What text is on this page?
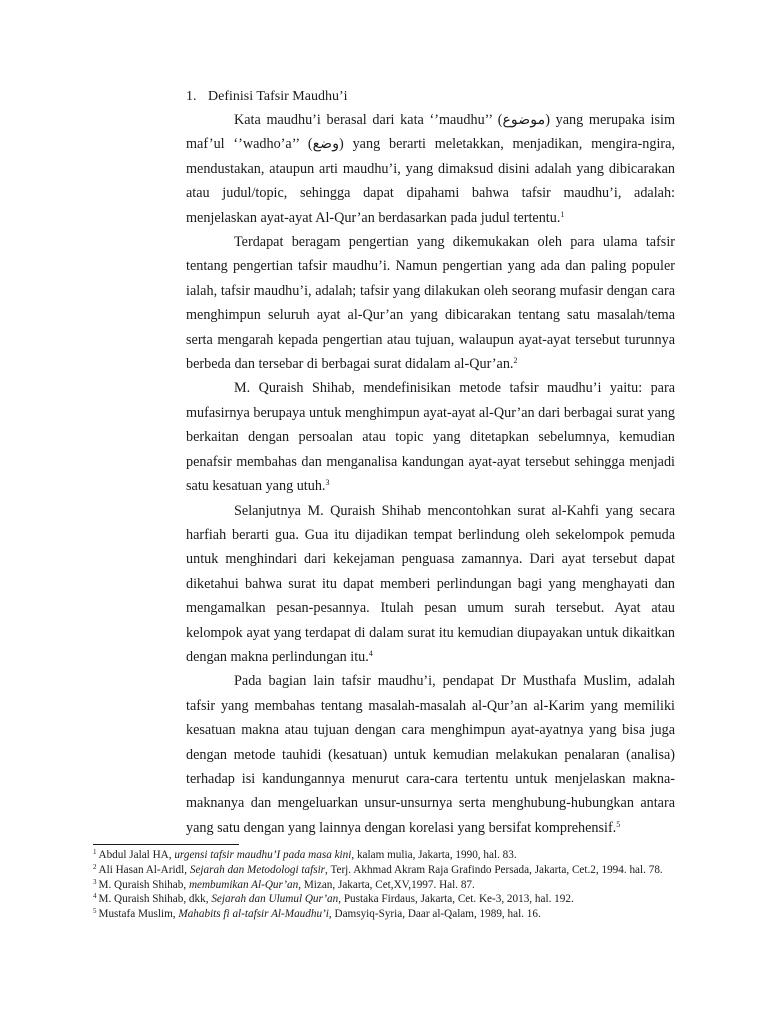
1. Definisi Tafsir Maudhu’i

Kata maudhu’i berasal dari kata ‘’maudhu’’ (موضوع) yang merupaka isim maf’ul ‘’wadho’a’’ (وضع) yang berarti meletakkan, menjadikan, mengira-ngira, mendustakan, ataupun arti maudhu’i, yang dimaksud disini adalah yang dibicarakan atau judul/topic, sehingga dapat dipahami bahwa tafsir maudhu’i, adalah: menjelaskan ayat-ayat Al-Qur’an berdasarkan pada judul tertentu.$^1$

Terdapat beragam pengertian yang dikemukakan oleh para ulama tafsir tentang pengertian tafsir maudhu’i. Namun pengertian yang ada dan paling populer ialah, tafsir maudhu’i, adalah; tafsir yang dilakukan oleh seorang mufasir dengan cara menghimpun seluruh ayat al-Qur’an yang dibicarakan tentang satu masalah/tema serta mengarah kepada pengertian atau tujuan, walaupun ayat-ayat tersebut turunnya berbeda dan tersebar di berbagai surat didalam al-Qur’an.$^2$

M. Quraish Shihab, mendefinisikan metode tafsir maudhu’i yaitu: para mufasirnya berupaya untuk menghimpun ayat-ayat al-Qur’an dari berbagai surat yang berkaitan dengan persoalan atau topic yang ditetapkan sebelumnya, kemudian penafsir membahas dan menganalisa kandungan ayat-ayat tersebut sehingga menjadi satu kesatuan yang utuh.$^3$

Selanjutnya M. Quraish Shihab mencontohkan surat al-Kahfi yang secara harfiah berarti gua. Gua itu dijadikan tempat berlindung oleh sekelompok pemuda untuk menghindari dari kekejaman penguasa zamannya. Dari ayat tersebut dapat diketahui bahwa surat itu dapat memberi perlindungan bagi yang menghayati dan mengamalkan pesan-pesannya. Itulah pesan umum surah tersebut. Ayat atau kelompok ayat yang terdapat di dalam surat itu kemudian diupayakan untuk dikaitkan dengan makna perlindungan itu.$^4$

Pada bagian lain tafsir maudhu’i, pendapat Dr Musthafa Muslim, adalah tafsir yang membahas tentang masalah-masalah al-Qur’an al-Karim yang memiliki kesatuan makna atau tujuan dengan cara menghimpun ayat-ayatnya yang bisa juga dengan metode tauhidi (kesatuan) untuk kemudian melakukan penalaran (analisa) terhadap isi kandungannya menurut cara-cara tertentu untuk menjelaskan makna-maknanya dan mengeluarkan unsur-unsurnya serta menghubung-hubungkan antara yang satu dengan yang lainnya dengan korelasi yang bersifat komprehensif.$^5$

$^1$ Abdul Jalal HA, urgensi tafsir maudhu’I pada masa kini, kalam mulia, Jakarta, 1990, hal. 83.

$^2$ Ali Hasan Al-Aridl, Sejarah dan Metodologi tafsir, Terj. Akhmad Akram Raja Grafindo Persada, Jakarta, Cet.2, 1994. hal. 78.

$^3$ M. Quraish Shihab, membumikan Al-Qur’an, Mizan, Jakarta, Cet,XV,1997. Hal. 87.

$^4$ M. Quraish Shihab, dkk, Sejarah dan Ulumul Qur’an, Pustaka Firdaus, Jakarta, Cet. Ke-3, 2013, hal. 192.

$^5$ Mustafa Muslim, Mahabits fi al-tafsir Al-Maudhu’i, Damsyiq-Syria, Daar al-Qalam, 1989, hal. 16.
